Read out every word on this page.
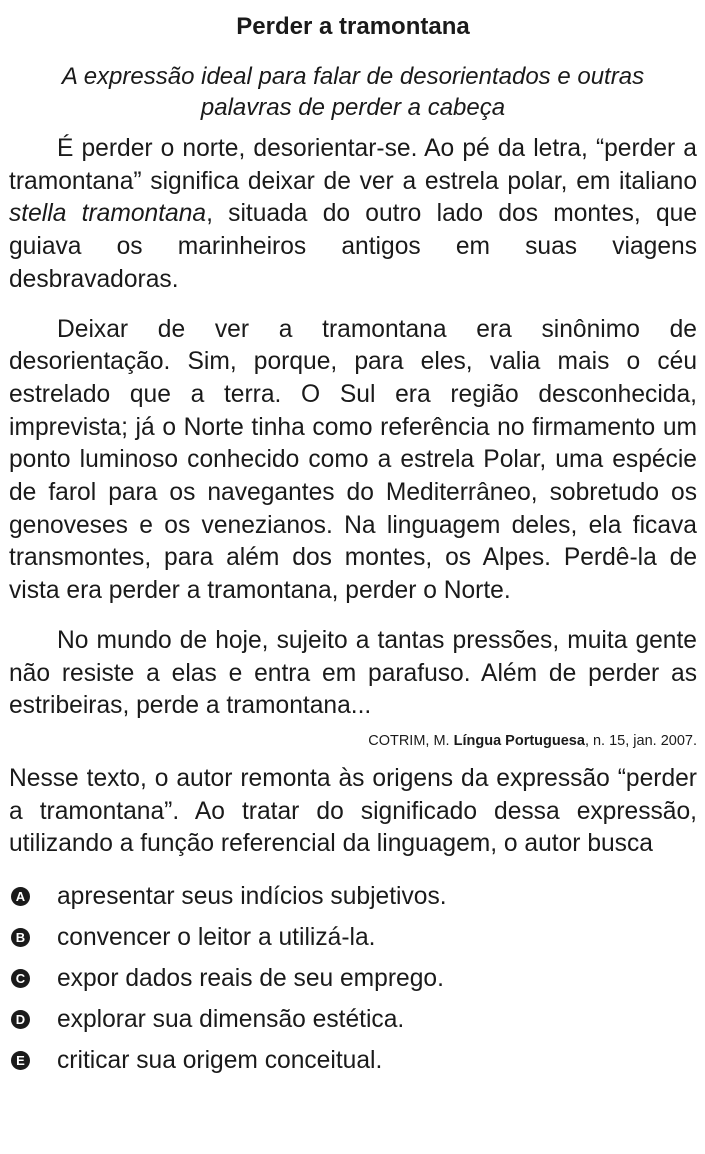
Perder a tramontana

A expressão ideal para falar de desorientados e outras palavras de perder a cabeça

É perder o norte, desorientar-se. Ao pé da letra, “perder a tramontana” significa deixar de ver a estrela polar, em italiano stella tramontana, situada do outro lado dos montes, que guiava os marinheiros antigos em suas viagens desbravadoras.

Deixar de ver a tramontana era sinônimo de desorientação. Sim, porque, para eles, valia mais o céu estrelado que a terra. O Sul era região desconhecida, imprevista; já o Norte tinha como referência no firmamento um ponto luminoso conhecido como a estrela Polar, uma espécie de farol para os navegantes do Mediterrâneo, sobretudo os genoveses e os venezianos. Na linguagem deles, ela ficava transmontes, para além dos montes, os Alpes. Perdê-la de vista era perder a tramontana, perder o Norte.

No mundo de hoje, sujeito a tantas pressões, muita gente não resiste a elas e entra em parafuso. Além de perder as estribeiras, perde a tramontana...

COTRIM, M. Língua Portuguesa, n. 15, jan. 2007.

Nesse texto, o autor remonta às origens da expressão “perder a tramontana”. Ao tratar do significado dessa expressão, utilizando a função referencial da linguagem, o autor busca

A apresentar seus indícios subjetivos.
B convencer o leitor a utilizá-la.
C expor dados reais de seu emprego.
D explorar sua dimensão estética.
E criticar sua origem conceitual.
